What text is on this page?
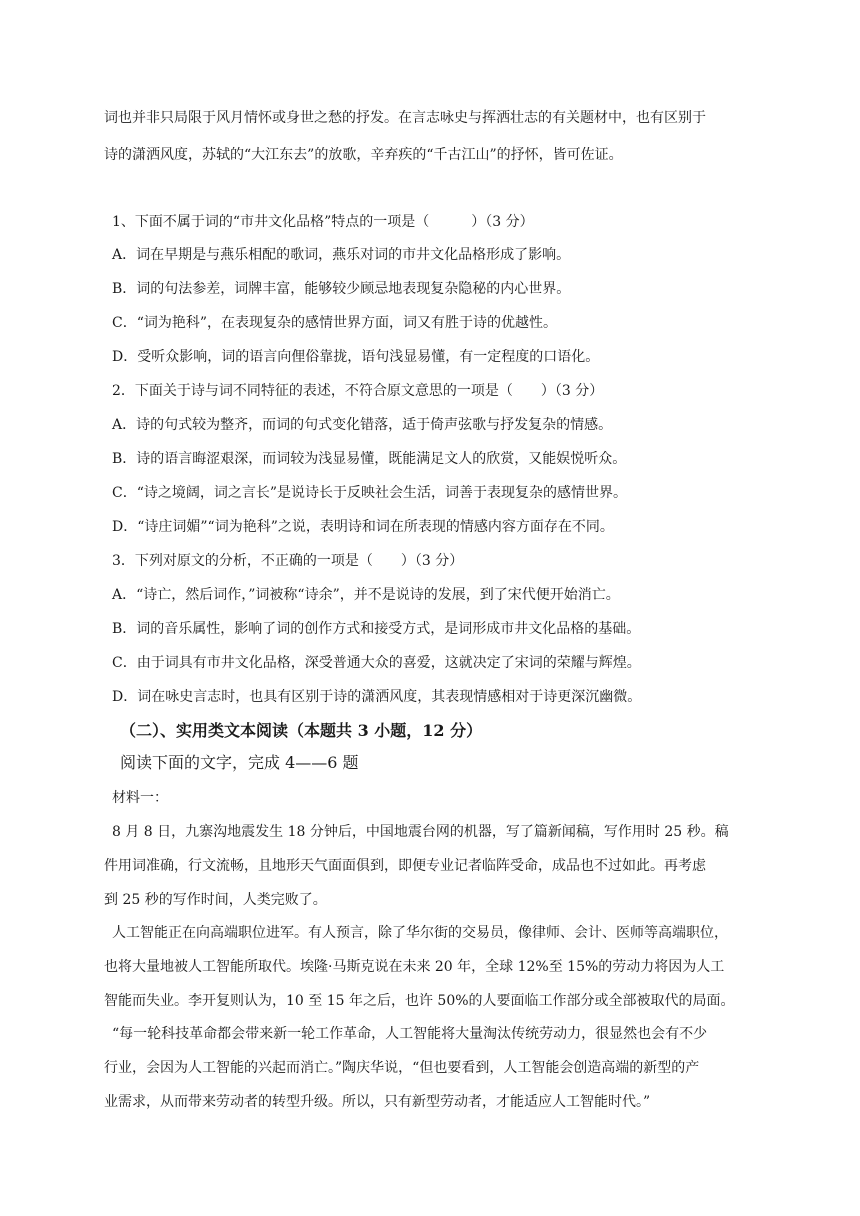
词也并非只局限于风月情怀或身世之愁的抒发。在言志咏史与挥洒壮志的有关题材中，也有区别于
诗的潇洒风度，苏轼的“大江东去”的放歌，辛弃疾的“千古江山”的抒怀，皆可佐证。
1、下面不属于词的“市井文化品格”特点的一项是（　　　）（3 分）
A．词在早期是与燕乐相配的歌词，燕乐对词的市井文化品格形成了影响。
B．词的句法参差，词牌丰富，能够较少顾忌地表现复杂隐秘的内心世界。
C．“词为艳科”，在表现复杂的感情世界方面，词又有胜于诗的优越性。
D．受听众影响，词的语言向俚俗靠拢，语句浅显易懂，有一定程度的口语化。
2．下面关于诗与词不同特征的表述，不符合原文意思的一项是（　　）（3 分）
A．诗的句式较为整齐，而词的句式变化错落，适于倚声弦歌与抒发复杂的情感。
B．诗的语言晦涩艰深，而词较为浅显易懂，既能满足文人的欣赏，又能娱悦听众。
C．“诗之境阔，词之言长”是说诗长于反映社会生活，词善于表现复杂的感情世界。
D．“诗庄词媚”“词为艳科”之说，表明诗和词在所表现的情感内容方面存在不同。
3．下列对原文的分析，不正确的一项是（　　）（3 分）
A．“诗亡，然后词作，”词被称“诗余”，并不是说诗的发展，到了宋代便开始消亡。
B．词的音乐属性，影响了词的创作方式和接受方式，是词形成市井文化品格的基础。
C．由于词具有市井文化品格，深受普通大众的喜爱，这就决定了宋词的荣耀与辉煌。
D．词在咏史言志时，也具有区别于诗的潇洒风度，其表现情感相对于诗更深沉幽微。
（二）、实用类文本阅读（本题共 3 小题，12 分）
阅读下面的文字，完成 4——6 题
材料一：
8 月 8 日，九寨沟地震发生 18 分钟后，中国地震台网的机器，写了篇新闻稿，写作用时 25 秒。稿
件用词准确，行文流畅，且地形天气面面俱到，即便专业记者临阵受命，成品也不过如此。再考虑
到 25 秒的写作时间，人类完败了。
人工智能正在向高端职位进军。有人预言，除了华尔街的交易员，像律师、会计、医师等高端职位，
也将大量地被人工智能所取代。埃隆·马斯克说在未来 20 年，全球 12%至 15%的劳动力将因为人工
智能而失业。李开复则认为，10 至 15 年之后，也许 50%的人要面临工作部分或全部被取代的局面。
“每一轮科技革命都会带来新一轮工作革命，人工智能将大量淘汰传统劳动力，很显然也会有不少
行业，会因为人工智能的兴起而消亡。”陶庆华说，“但也要看到，人工智能会创造高端的新型的产
业需求，从而带来劳动者的转型升级。所以，只有新型劳动者，才能适应人工智能时代。”
